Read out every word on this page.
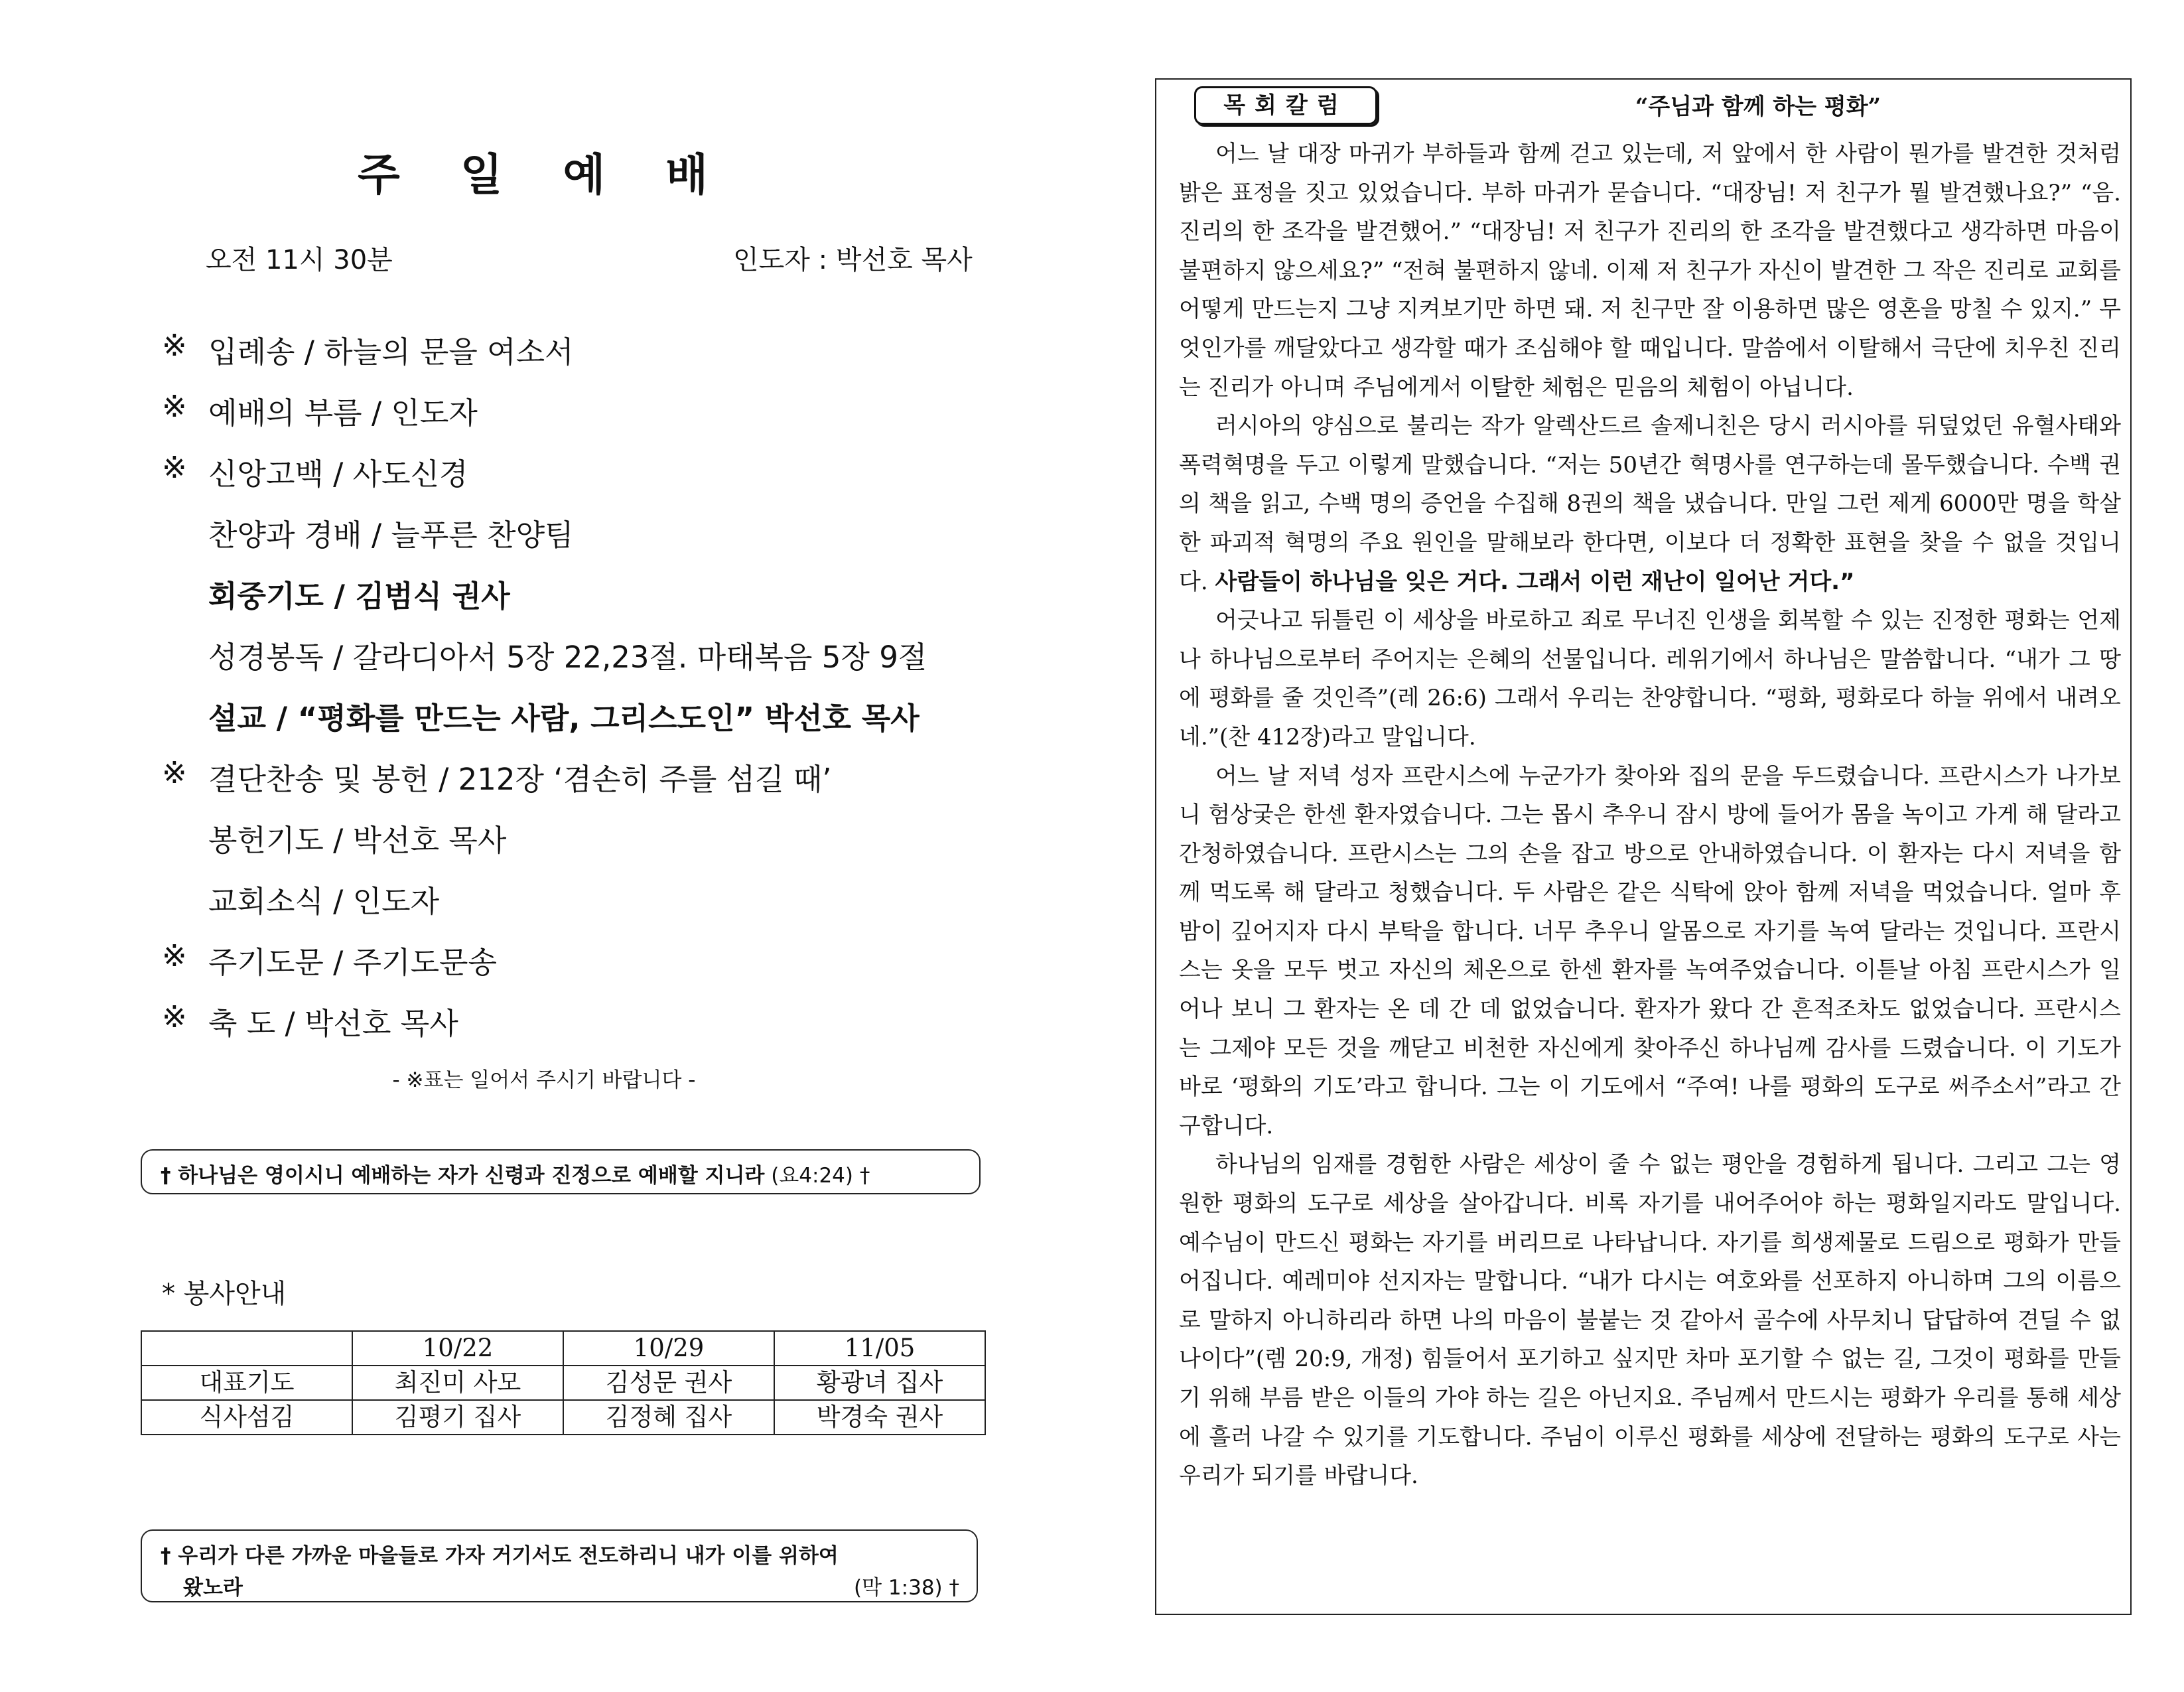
주 일 예 배
오전 11시 30분	인도자 : 박선호 목사
※ 입례송 / 하늘의 문을 여소서
※ 예배의 부름 / 인도자
※ 신앙고백 / 사도신경
찬양과 경배 / 늘푸른 찬양팀
회중기도 / 김범식 권사
성경봉독 / 갈라디아서 5장 22,23절. 마태복음 5장 9절
설교 / “평화를 만드는 사람, 그리스도인” 박선호 목사
※ 결단찬송 및 봉헌 / 212장 ‘겸손히 주를 섬길 때’
봉헌기도 / 박선호 목사
교회소식 / 인도자
※ 주기도문 / 주기도문송
※ 축 도 / 박선호 목사
- ※표는 일어서 주시기 바랍니다 -
† 하나님은 영이시니 예배하는 자가 신령과 진정으로 예배할 지니라 (요4:24) †
* 봉사안내
	10/22	10/29	11/05
대표기도	최진미 사모	김성문 권사	황광녀 집사
식사섬김	김평기 집사	김정혜 집사	박경숙 권사
† 우리가 다른 가까운 마을들로 가자 거기서도 전도하리니 내가 이를 위하여
왔노라	(막 1:38) †
목회칼럼	“주님과 함께 하는 평화”

어느 날 대장 마귀가 부하들과 함께 걷고 있는데, 저 앞에서 한 사람이 뭔가를 발견한 것처럼 밝은 표정을 짓고 있었습니다. 부하 마귀가 묻습니다. “대장님! 저 친구가 뭘 발견했나요?” “음. 진리의 한 조각을 발견했어.” “대장님! 저 친구가 진리의 한 조각을 발견했다고 생각하면 마음이 불편하지 않으세요?” “전혀 불편하지 않네. 이제 저 친구가 자신이 발견한 그 작은 진리로 교회를 어떻게 만드는지 그냥 지켜보기만 하면 돼. 저 친구만 잘 이용하면 많은 영혼을 망칠 수 있지.” 무엇인가를 깨달았다고 생각할 때가 조심해야 할 때입니다. 말씀에서 이탈해서 극단에 치우친 진리는 진리가 아니며 주님에게서 이탈한 체험은 믿음의 체험이 아닙니다.

러시아의 양심으로 불리는 작가 알렉산드르 솔제니친은 당시 러시아를 뒤덮었던 유혈사태와 폭력혁명을 두고 이렇게 말했습니다. “저는 50년간 혁명사를 연구하는데 몰두했습니다. 수백 권의 책을 읽고, 수백 명의 증언을 수집해 8권의 책을 냈습니다. 만일 그런 제게 6000만 명을 학살한 파괴적 혁명의 주요 원인을 말해보라 한다면, 이보다 더 정확한 표현을 찾을 수 없을 것입니다. 사람들이 하나님을 잊은 거다. 그래서 이런 재난이 일어난 거다.”

어긋나고 뒤틀린 이 세상을 바로하고 죄로 무너진 인생을 회복할 수 있는 진정한 평화는 언제나 하나님으로부터 주어지는 은혜의 선물입니다. 레위기에서 하나님은 말씀합니다. “내가 그 땅에 평화를 줄 것인즉”(레 26:6) 그래서 우리는 찬양합니다. “평화, 평화로다 하늘 위에서 내려오네.”(찬 412장)라고 말입니다.

어느 날 저녁 성자 프란시스에 누군가가 찾아와 집의 문을 두드렸습니다. 프란시스가 나가보니 험상궂은 한센 환자였습니다. 그는 몹시 추우니 잠시 방에 들어가 몸을 녹이고 가게 해 달라고 간청하였습니다. 프란시스는 그의 손을 잡고 방으로 안내하였습니다. 이 환자는 다시 저녁을 함께 먹도록 해 달라고 청했습니다. 두 사람은 같은 식탁에 앉아 함께 저녁을 먹었습니다. 얼마 후 밤이 깊어지자 다시 부탁을 합니다. 너무 추우니 알몸으로 자기를 녹여 달라는 것입니다. 프란시스는 옷을 모두 벗고 자신의 체온으로 한센 환자를 녹여주었습니다. 이튿날 아침 프란시스가 일어나 보니 그 환자는 온 데 간 데 없었습니다. 환자가 왔다 간 흔적조차도 없었습니다. 프란시스는 그제야 모든 것을 깨닫고 비천한 자신에게 찾아주신 하나님께 감사를 드렸습니다. 이 기도가 바로 ‘평화의 기도’라고 합니다. 그는 이 기도에서 “주여! 나를 평화의 도구로 써주소서”라고 간구합니다.

하나님의 임재를 경험한 사람은 세상이 줄 수 없는 평안을 경험하게 됩니다. 그리고 그는 영원한 평화의 도구로 세상을 살아갑니다. 비록 자기를 내어주어야 하는 평화일지라도 말입니다. 예수님이 만드신 평화는 자기를 버리므로 나타납니다. 자기를 희생제물로 드림으로 평화가 만들어집니다. 예레미야 선지자는 말합니다. “내가 다시는 여호와를 선포하지 아니하며 그의 이름으로 말하지 아니하리라 하면 나의 마음이 불붙는 것 같아서 골수에 사무치니 답답하여 견딜 수 없나이다”(렘 20:9, 개정) 힘들어서 포기하고 싶지만 차마 포기할 수 없는 길, 그것이 평화를 만들기 위해 부름 받은 이들의 가야 하는 길은 아닌지요. 주님께서 만드시는 평화가 우리를 통해 세상에 흘러 나갈 수 있기를 기도합니다. 주님이 이루신 평화를 세상에 전달하는 평화의 도구로 사는 우리가 되기를 바랍니다.
